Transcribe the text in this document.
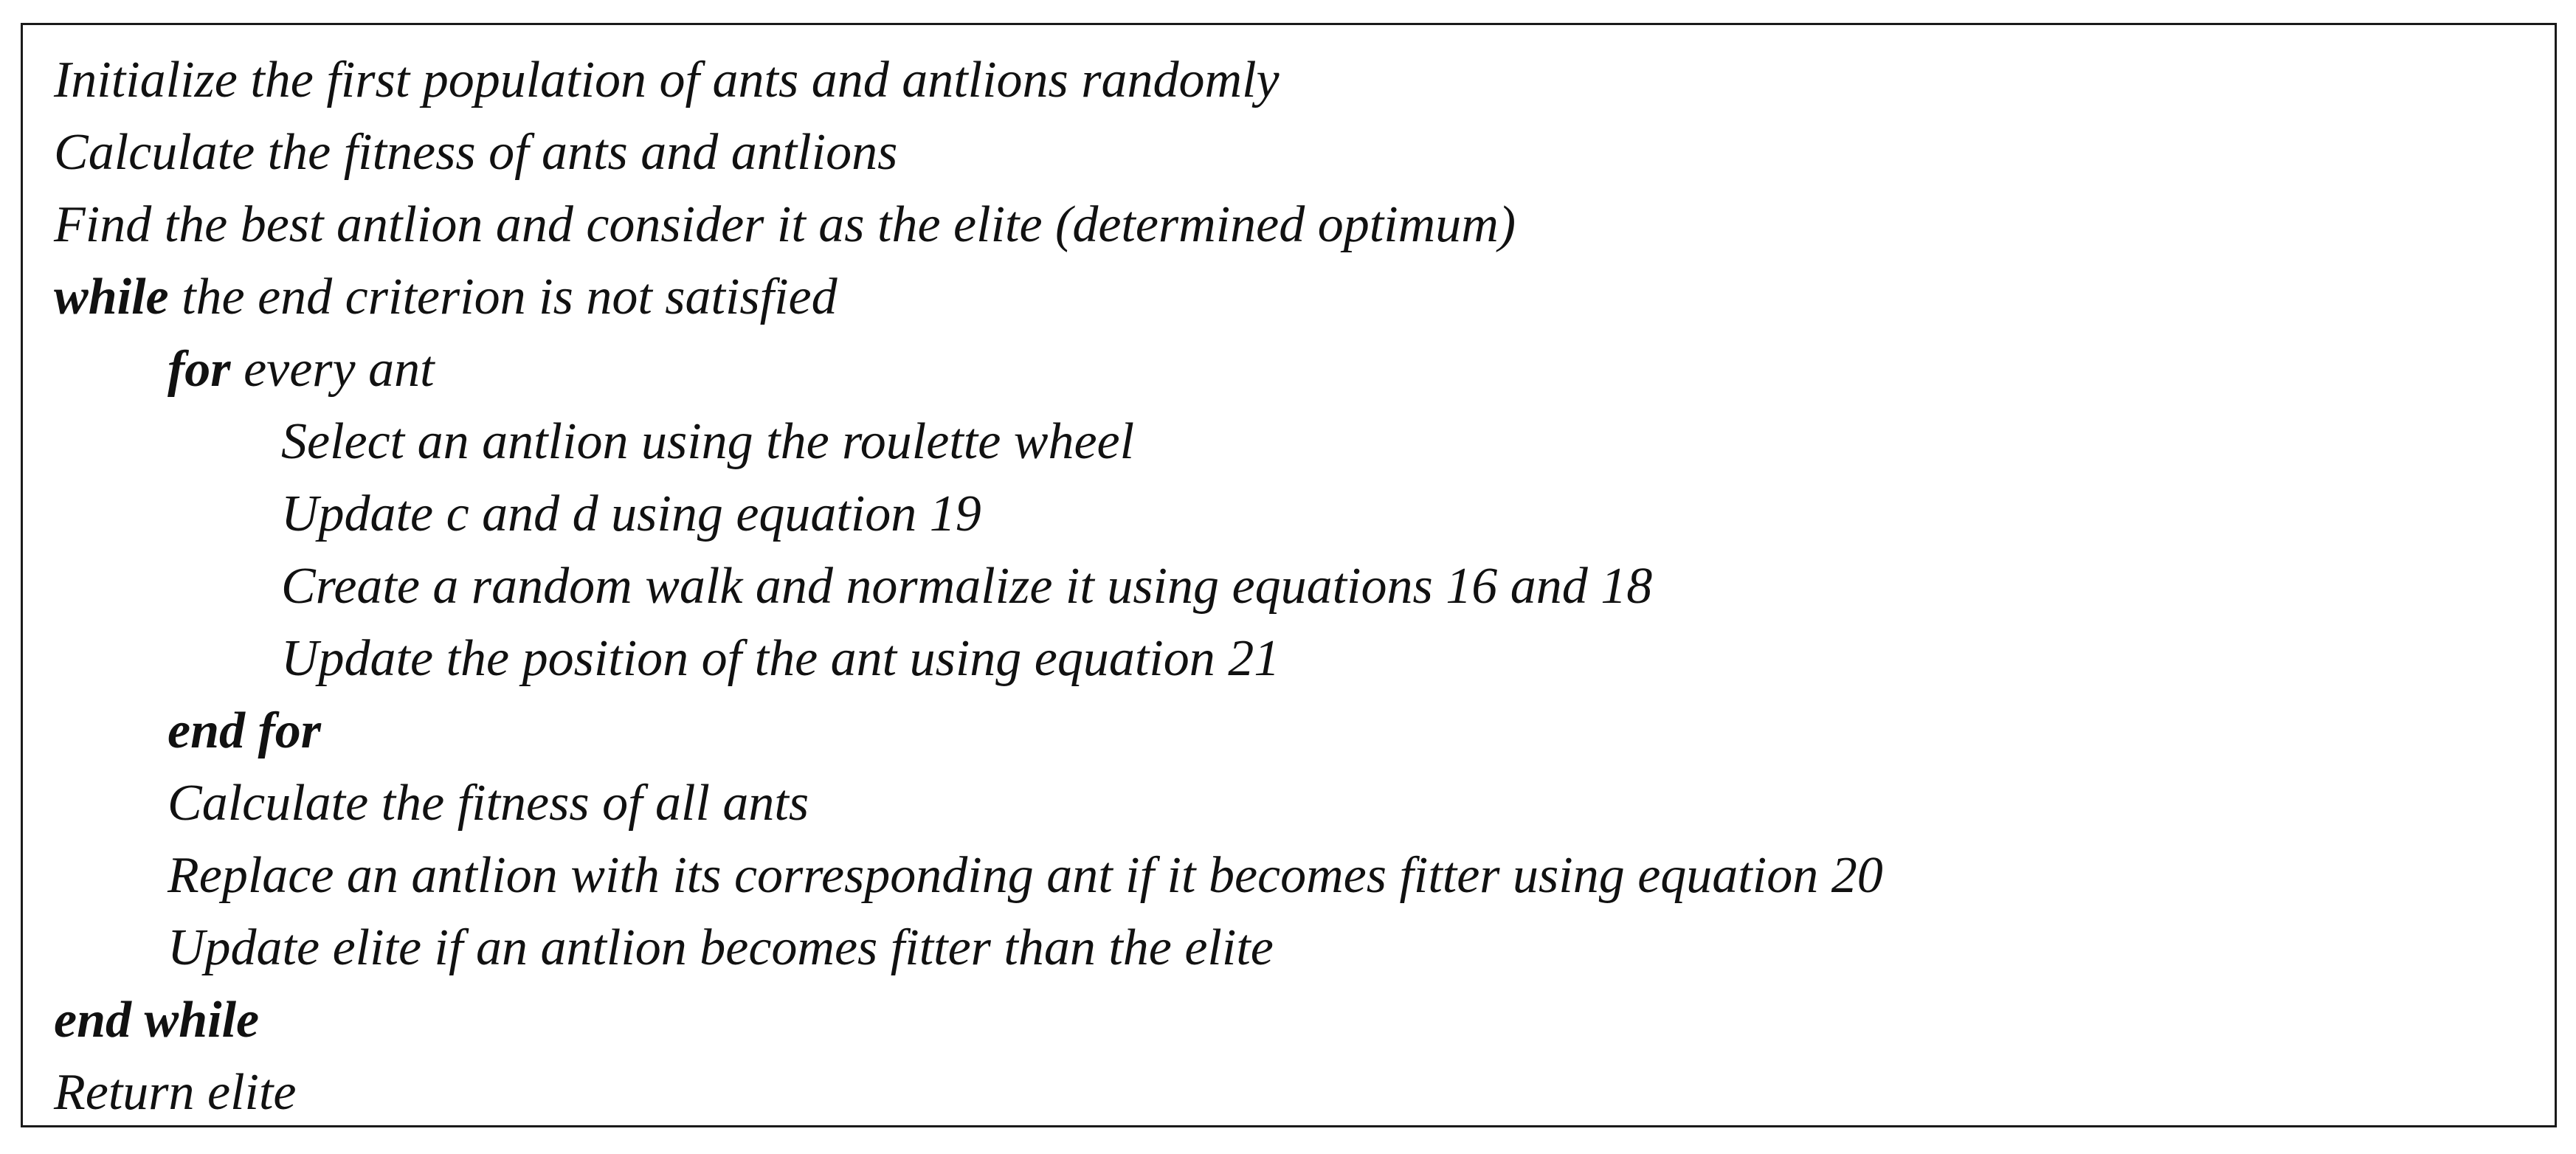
Initialize the first population of ants and antlions randomly
Calculate the fitness of ants and antlions
Find the best antlion and consider it as the elite (determined optimum)
while the end criterion is not satisfied
for every ant
Select an antlion using the roulette wheel
Update c and d using equation 19
Create a random walk and normalize it using equations 16 and 18
Update the position of the ant using equation 21
end for
Calculate the fitness of all ants
Replace an antlion with its corresponding ant if it becomes fitter using equation 20
Update elite if an antlion becomes fitter than the elite
end while
Return elite
